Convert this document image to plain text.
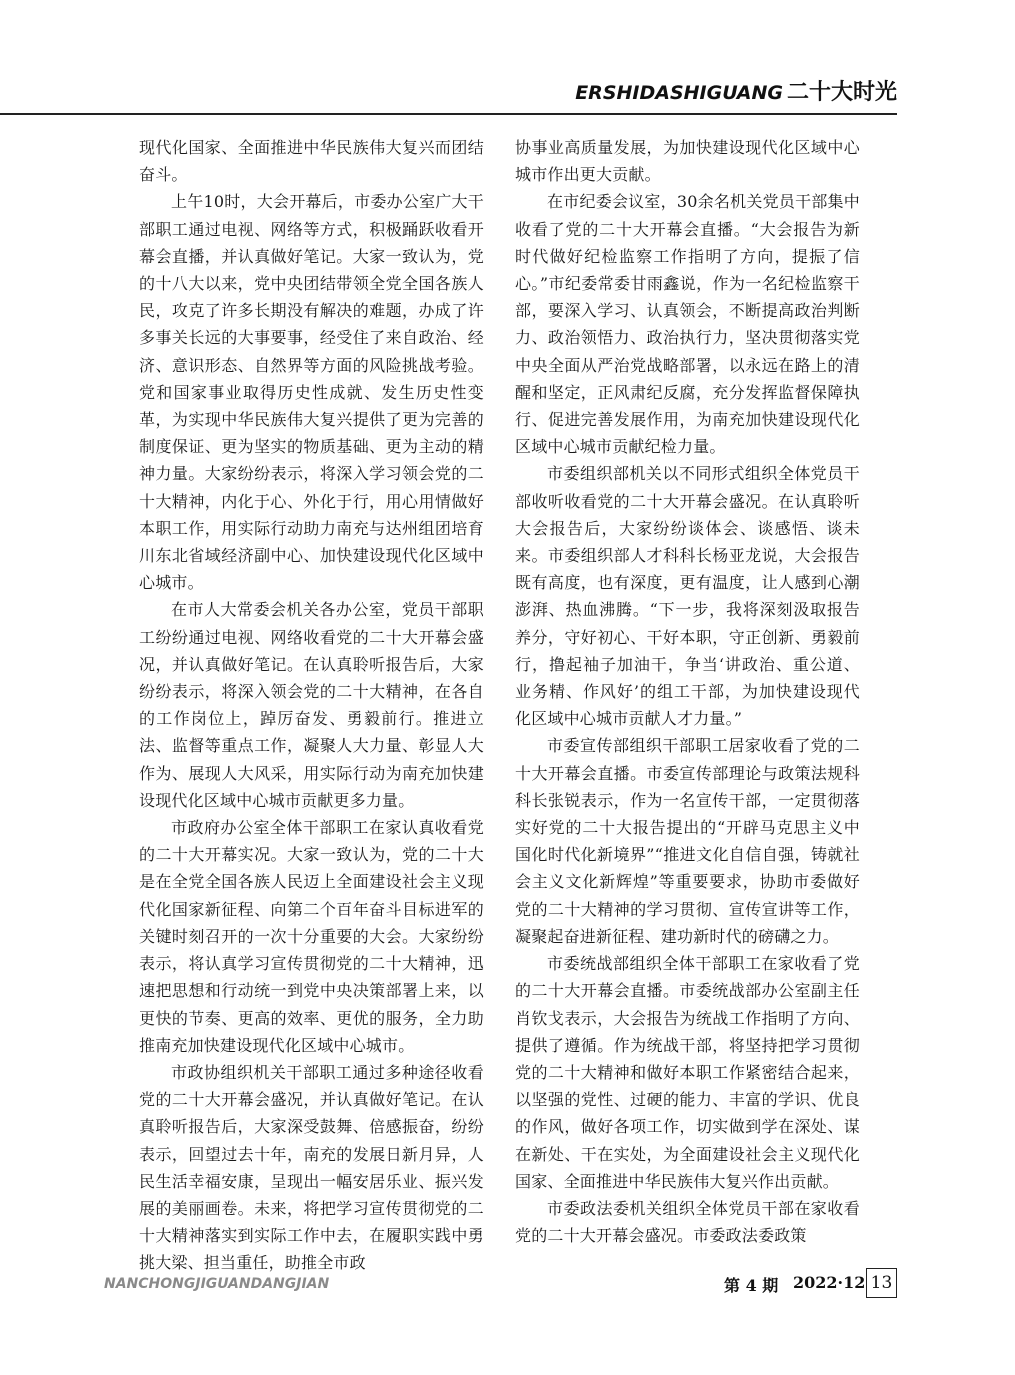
ERSHIDASHIGUANG 二十大时光

现代化国家、全面推进中华民族伟大复兴而团结奋斗。

上午10时，大会开幕后，市委办公室广大干部职工通过电视、网络等方式，积极踊跃收看开幕会直播，并认真做好笔记。大家一致认为，党的十八大以来，党中央团结带领全党全国各族人民，攻克了许多长期没有解决的难题，办成了许多事关长远的大事要事，经受住了来自政治、经济、意识形态、自然界等方面的风险挑战考验。党和国家事业取得历史性成就、发生历史性变革，为实现中华民族伟大复兴提供了更为完善的制度保证、更为坚实的物质基础、更为主动的精神力量。大家纷纷表示，将深入学习领会党的二十大精神，内化于心、外化于行，用心用情做好本职工作，用实际行动助力南充与达州组团培育川东北省域经济副中心、加快建设现代化区域中心城市。

在市人大常委会机关各办公室，党员干部职工纷纷通过电视、网络收看党的二十大开幕会盛况，并认真做好笔记。在认真聆听报告后，大家纷纷表示，将深入领会党的二十大精神，在各自的工作岗位上，踔厉奋发、勇毅前行。推进立法、监督等重点工作，凝聚人大力量、彰显人大作为、展现人大风采，用实际行动为南充加快建设现代化区域中心城市贡献更多力量。

市政府办公室全体干部职工在家认真收看党的二十大开幕实况。大家一致认为，党的二十大是在全党全国各族人民迈上全面建设社会主义现代化国家新征程、向第二个百年奋斗目标进军的关键时刻召开的一次十分重要的大会。大家纷纷表示，将认真学习宣传贯彻党的二十大精神，迅速把思想和行动统一到党中央决策部署上来，以更快的节奏、更高的效率、更优的服务，全力助推南充加快建设现代化区域中心城市。

市政协组织机关干部职工通过多种途径收看党的二十大开幕会盛况，并认真做好笔记。在认真聆听报告后，大家深受鼓舞、倍感振奋，纷纷表示，回望过去十年，南充的发展日新月异，人民生活幸福安康，呈现出一幅安居乐业、振兴发展的美丽画卷。未来，将把学习宣传贯彻党的二十大精神落实到实际工作中去，在履职实践中勇挑大梁、担当重任，助推全市政

协事业高质量发展，为加快建设现代化区域中心城市作出更大贡献。

在市纪委会议室，30余名机关党员干部集中收看了党的二十大开幕会直播。“大会报告为新时代做好纪检监察工作指明了方向，提振了信心。”市纪委常委甘雨鑫说，作为一名纪检监察干部，要深入学习、认真领会，不断提高政治判断力、政治领悟力、政治执行力，坚决贯彻落实党中央全面从严治党战略部署，以永远在路上的清醒和坚定，正风肃纪反腐，充分发挥监督保障执行、促进完善发展作用，为南充加快建设现代化区域中心城市贡献纪检力量。

市委组织部机关以不同形式组织全体党员干部收听收看党的二十大开幕会盛况。在认真聆听大会报告后，大家纷纷谈体会、谈感悟、谈未来。市委组织部人才科科长杨亚龙说，大会报告既有高度，也有深度，更有温度，让人感到心潮澎湃、热血沸腾。“下一步，我将深刻汲取报告养分，守好初心、干好本职，守正创新、勇毅前行，撸起袖子加油干，争当‘讲政治、重公道、业务精、作风好’的组工干部，为加快建设现代化区域中心城市贡献人才力量。”

市委宣传部组织干部职工居家收看了党的二十大开幕会直播。市委宣传部理论与政策法规科科长张锐表示，作为一名宣传干部，一定贯彻落实好党的二十大报告提出的“开辟马克思主义中国化时代化新境界”“推进文化自信自强，铸就社会主义文化新辉煌”等重要要求，协助市委做好党的二十大精神的学习贯彻、宣传宣讲等工作，凝聚起奋进新征程、建功新时代的磅礴之力。

市委统战部组织全体干部职工在家收看了党的二十大开幕会直播。市委统战部办公室副主任肖钦戈表示，大会报告为统战工作指明了方向、提供了遵循。作为统战干部，将坚持把学习贯彻党的二十大精神和做好本职工作紧密结合起来，以坚强的党性、过硬的能力、丰富的学识、优良的作风，做好各项工作，切实做到学在深处、谋在新处、干在实处，为全面建设社会主义现代化国家、全面推进中华民族伟大复兴作出贡献。

市委政法委机关组织全体党员干部在家收看党的二十大开幕会盛况。市委政法委政策

NANCHONGJIGUANDANGJIAN	第 4 期 2022·12 13
